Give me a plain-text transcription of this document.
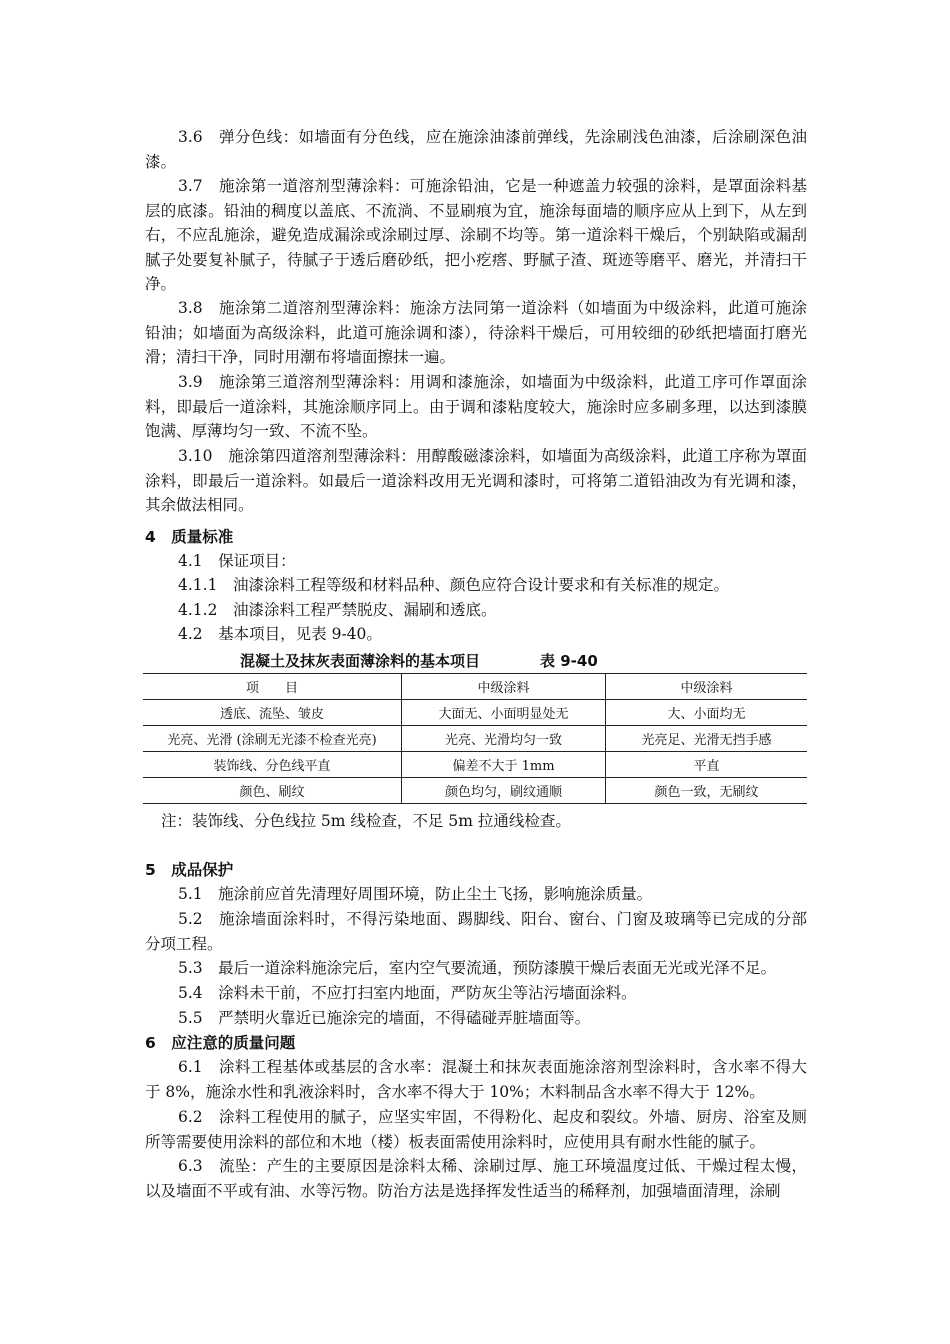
3.6　弹分色线：如墙面有分色线，应在施涂油漆前弹线，先涂刷浅色油漆，后涂刷深色油漆。
3.7　施涂第一道溶剂型薄涂料：可施涂铅油，它是一种遮盖力较强的涂料，是罩面涂料基层的底漆。铅油的稠度以盖底、不流淌、不显刷痕为宜，施涂每面墙的顺序应从上到下，从左到右，不应乱施涂，避免造成漏涂或涂刷过厚、涂刷不均等。第一道涂料干燥后，个别缺陷或漏刮腻子处要复补腻子，待腻子于透后磨砂纸，把小疙瘩、野腻子渣、斑迹等磨平、磨光，并清扫干净。
3.8　施涂第二道溶剂型薄涂料：施涂方法同第一道涂料（如墙面为中级涂料，此道可施涂铅油；如墙面为高级涂料，此道可施涂调和漆），待涂料干燥后，可用较细的砂纸把墙面打磨光滑；清扫干净，同时用潮布将墙面擦抹一遍。
3.9　施涂第三道溶剂型薄涂料：用调和漆施涂，如墙面为中级涂料，此道工序可作罩面涂料，即最后一道涂料，其施涂顺序同上。由于调和漆粘度较大，施涂时应多刷多理，以达到漆膜饱满、厚薄均匀一致、不流不坠。
3.10　施涂第四道溶剂型薄涂料：用醇酸磁漆涂料，如墙面为高级涂料，此道工序称为罩面涂料，即最后一道涂料。如最后一道涂料改用无光调和漆时，可将第二道铅油改为有光调和漆，其余做法相同。
4　质量标准
4.1　保证项目：
4.1.1　油漆涂料工程等级和材料品种、颜色应符合设计要求和有关标准的规定。
4.1.2　油漆涂料工程严禁脱皮、漏刷和透底。
4.2　基本项目，见表 9-40。
混凝土及抹灰表面薄涂料的基本项目	表 9-40
项　　目	中级涂料	中级涂料
透底、流坠、皱皮	大面无、小面明显处无	大、小面均无
光亮、光滑 (涂刷无光漆不检查光亮)	光亮、光滑均匀一致	光亮足、光滑无挡手感
装饰线、分色线平直	偏差不大于 1mm	平直
颜色、刷纹	颜色均匀，刷纹通顺	颜色一致，无刷纹
注：装饰线、分色线拉 5m 线检查，不足 5m 拉通线检查。
5　成品保护
5.1　施涂前应首先清理好周围环境，防止尘土飞扬，影响施涂质量。
5.2　施涂墙面涂料时，不得污染地面、踢脚线、阳台、窗台、门窗及玻璃等已完成的分部分项工程。
5.3　最后一道涂料施涂完后，室内空气要流通，预防漆膜干燥后表面无光或光泽不足。
5.4　涂料未干前，不应打扫室内地面，严防灰尘等沾污墙面涂料。
5.5　严禁明火靠近已施涂完的墙面，不得磕碰弄脏墙面等。
6　应注意的质量问题
6.1　涂料工程基体或基层的含水率：混凝土和抹灰表面施涂溶剂型涂料时，含水率不得大于 8%，施涂水性和乳液涂料时，含水率不得大于 10%；木料制品含水率不得大于 12%。
6.2　涂料工程使用的腻子，应坚实牢固，不得粉化、起皮和裂纹。外墙、厨房、浴室及厕所等需要使用涂料的部位和木地（楼）板表面需使用涂料时，应使用具有耐水性能的腻子。
6.3　流坠：产生的主要原因是涂料太稀、涂刷过厚、施工环境温度过低、干燥过程太慢，以及墙面不平或有油、水等污物。防治方法是选择挥发性适当的稀释剂，加强墙面清理，涂刷
